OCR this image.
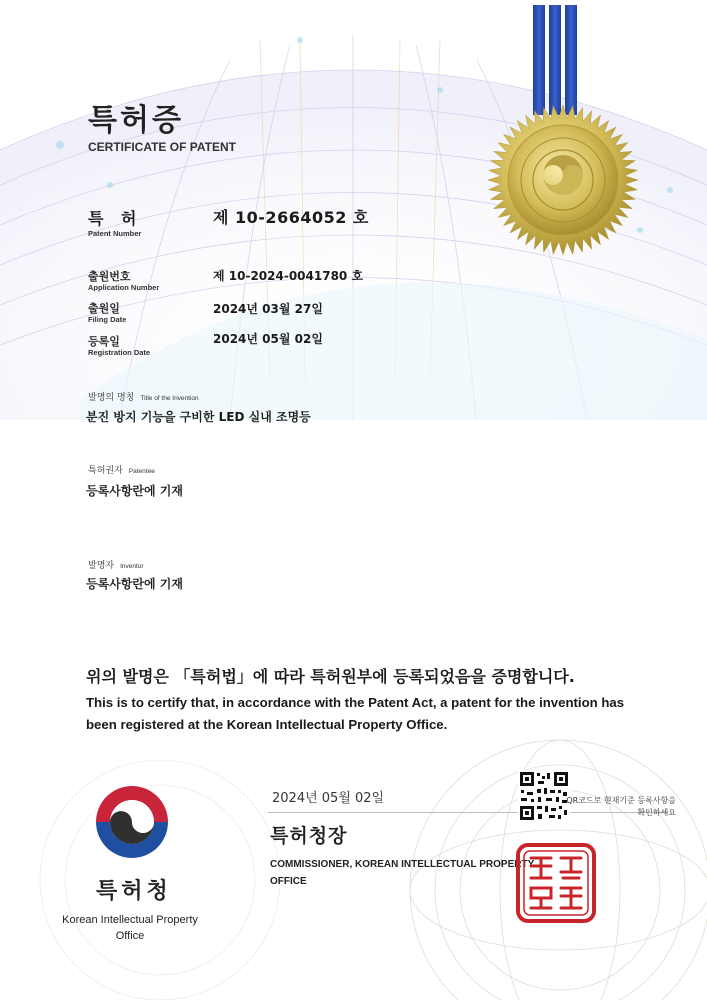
특허증
CERTIFICATE OF PATENT
특 허
Patent Number
제 10-2664052 호
출원번호
Application Number
제 10-2024-0041780 호
출원일
Filing Date
2024년 03월 27일
등록일
Registration Date
2024년 05월 02일
발명의 명칭 Title of the Invention
분진 방지 기능을 구비한 LED 실내 조명등
특허권자 Patentee
등록사항란에 기재
발명자 Inventor
등록사항란에 기재
위의 발명은 「특허법」에 따라 특허원부에 등록되었음을 증명합니다.
This is to certify that, in accordance with the Patent Act, a patent for the invention has been registered at the Korean Intellectual Property Office.
특허청
Korean Intellectual Property Office
2024년 05월 02일
특허청장
COMMISSIONER, KOREAN INTELLECTUAL PROPERTY OFFICE
QR코드로 현재기준 등록사항을 확인하세요
